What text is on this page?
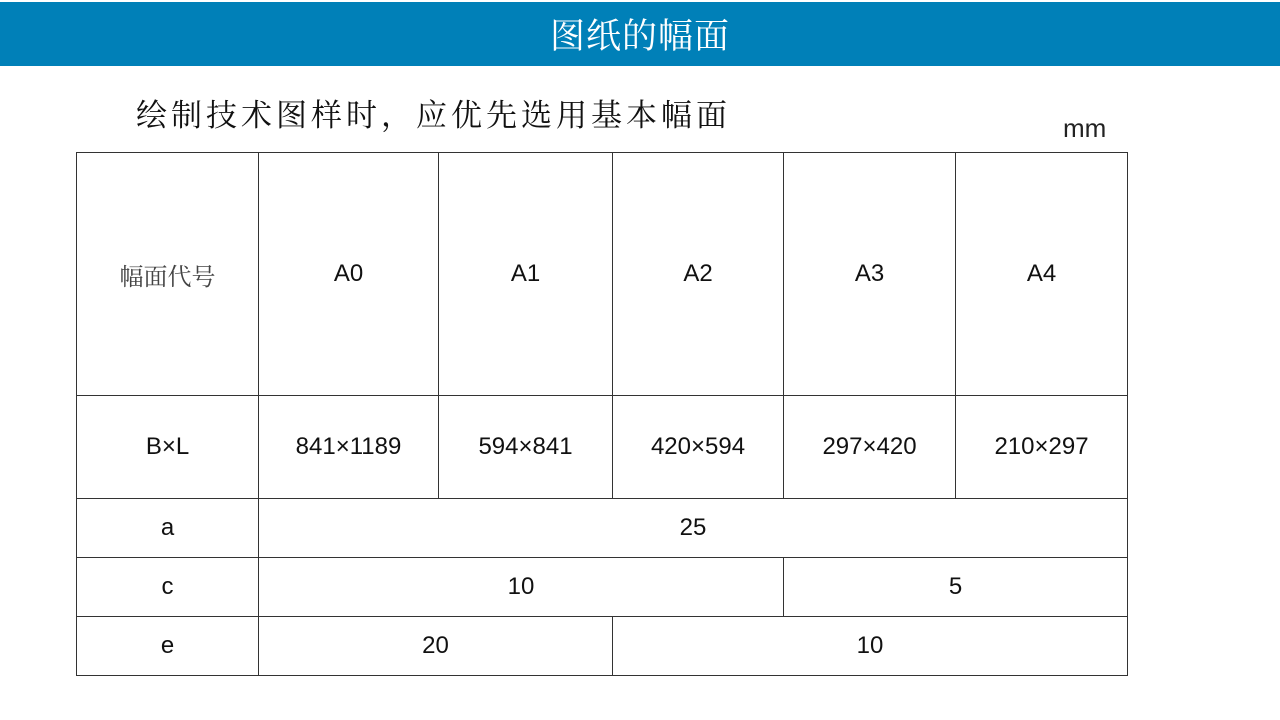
图纸的幅面
绘制技术图样时，应优先选用基本幅面	mm
幅面代号	A0	A1	A2	A3	A4
B×L	841×1189	594×841	420×594	297×420	210×297
a	25				
c	10			5	
e	20		10		
